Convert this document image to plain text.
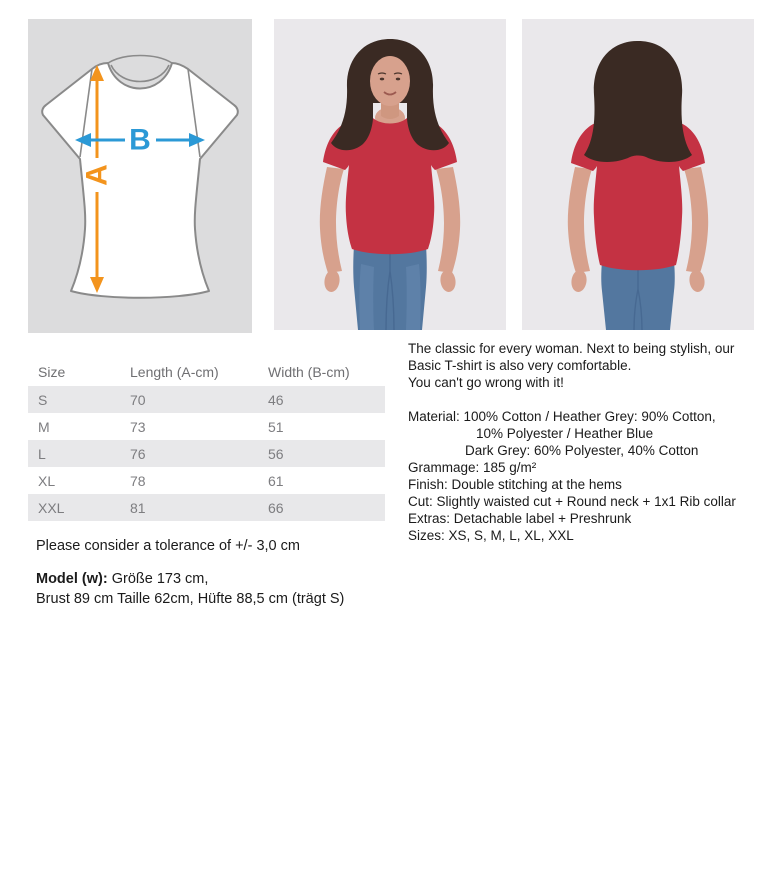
A
B
Size	Length (A-cm)	Width (B-cm)
S	70	46
M	73	51
L	76	56
XL	78	61
XXL	81	66
Please consider a tolerance of +/- 3,0 cm
Model (w): Größe 173 cm,
Brust 89 cm Taille 62cm, Hüfte 88,5 cm (trägt S)
The classic for every woman. Next to being stylish, our
Basic T-shirt is also very comfortable.
You can't go wrong with it!
Material: 100% Cotton / Heather Grey: 90% Cotton,
10% Polyester / Heather Blue
Dark Grey: 60% Polyester, 40% Cotton
Grammage: 185 g/m²
Finish: Double stitching at the hems
Cut: Slightly waisted cut + Round neck + 1x1 Rib collar
Extras: Detachable label + Preshrunk
Sizes: XS, S, M, L, XL, XXL
